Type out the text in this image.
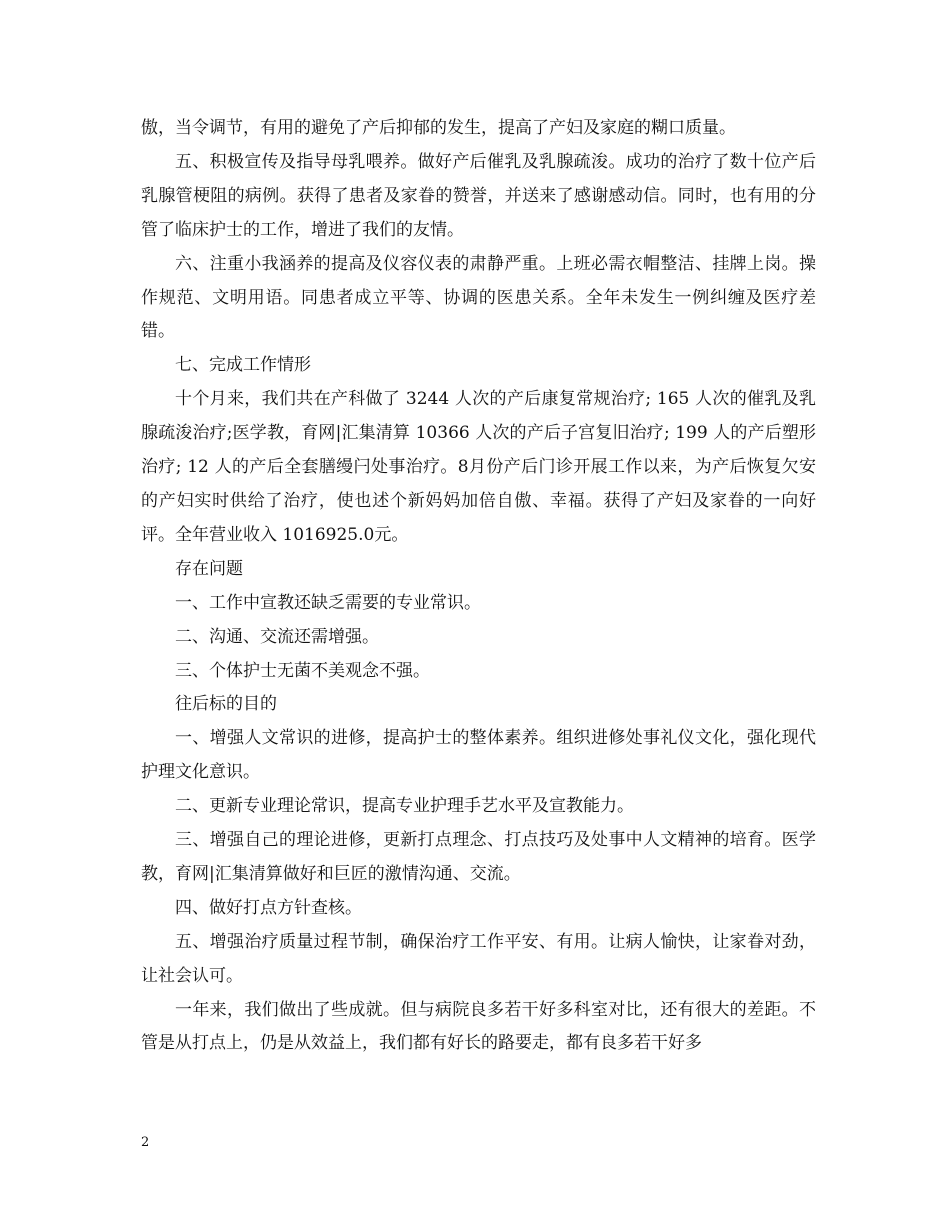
傲，当令调节，有用的避免了产后抑郁的发生，提高了产妇及家庭的糊口质量。

五、积极宣传及指导母乳喂养。做好产后催乳及乳腺疏浚。成功的治疗了数十位产后乳腺管梗阻的病例。获得了患者及家眷的赞誉，并送来了感谢感动信。同时，也有用的分管了临床护士的工作，增进了我们的友情。

六、注重小我涵养的提高及仪容仪表的肃静严重。上班必需衣帽整洁、挂牌上岗。操作规范、文明用语。同患者成立平等、协调的医患关系。全年未发生一例纠缠及医疗差错。

七、完成工作情形

十个月来，我们共在产科做了 3244 人次的产后康复常规治疗; 165 人次的催乳及乳腺疏浚治疗;医学教，育网|汇集清算 10366 人次的产后子宫复旧治疗; 199 人的产后塑形治疗; 12 人的产后全套膳缦闩处事治疗。8月份产后门诊开展工作以来，为产后恢复欠安的产妇实时供给了治疗，使也述个新妈妈加倍自傲、幸福。获得了产妇及家眷的一向好评。全年营业收入 1016925.0元。

存在问题

一、工作中宣教还缺乏需要的专业常识。

二、沟通、交流还需增强。

三、个体护士无菌不美观念不强。

往后标的目的

一、增强人文常识的进修，提高护士的整体素养。组织进修处事礼仪文化，强化现代护理文化意识。

二、更新专业理论常识，提高专业护理手艺水平及宣教能力。

三、增强自己的理论进修，更新打点理念、打点技巧及处事中人文精神的培育。医学教，育网|汇集清算做好和巨匠的激情沟通、交流。

四、做好打点方针查核。

五、增强治疗质量过程节制，确保治疗工作平安、有用。让病人愉快，让家眷对劲，让社会认可。

一年来，我们做出了些成就。但与病院良多若干好多科室对比，还有很大的差距。不管是从打点上，仍是从效益上，我们都有好长的路要走，都有良多若干好多

2
